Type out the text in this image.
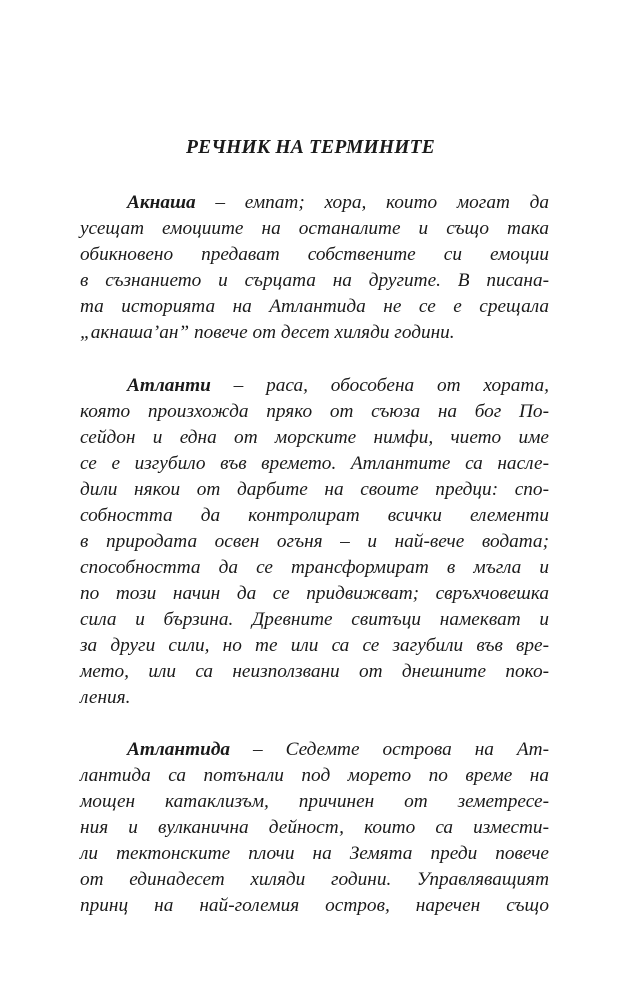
РЕЧНИК НА ТЕРМИНИТЕ
Акнаша – емпат; хора, които могат да
усещат емоциите на останалите и също така
обикновено предават собствените си емоции
в съзнанието и сърцата на другите. В писана-
та историята на Атлантида не се е срещала
„акнаша’ан” повече от десет хиляди години.
Атланти – раса, обособена от хората,
която произхожда пряко от съюза на бог По-
сейдон и една от морските нимфи, чието име
се е изгубило във времето. Атлантите са насле-
дили някои от дарбите на своите предци: спо-
собността да контролират всички елементи
в природата освен огъня – и най-вече водата;
способността да се трансформират в мъгла и
по този начин да се придвижват; свръхчовешка
сила и бързина. Древните свитъци намекват и
за други сили, но те или са се загубили във вре-
мето, или са неизползвани от днешните поко-
ления.
Атлантида – Седемте острова на Ат-
лантида са потънали под морето по време на
мощен катаклизъм, причинен от земетресе-
ния и вулканична дейност, които са измести-
ли тектонските плочи на Земята преди повече
от единадесет хиляди години. Управляващият
принц на най-големия остров, наречен също
